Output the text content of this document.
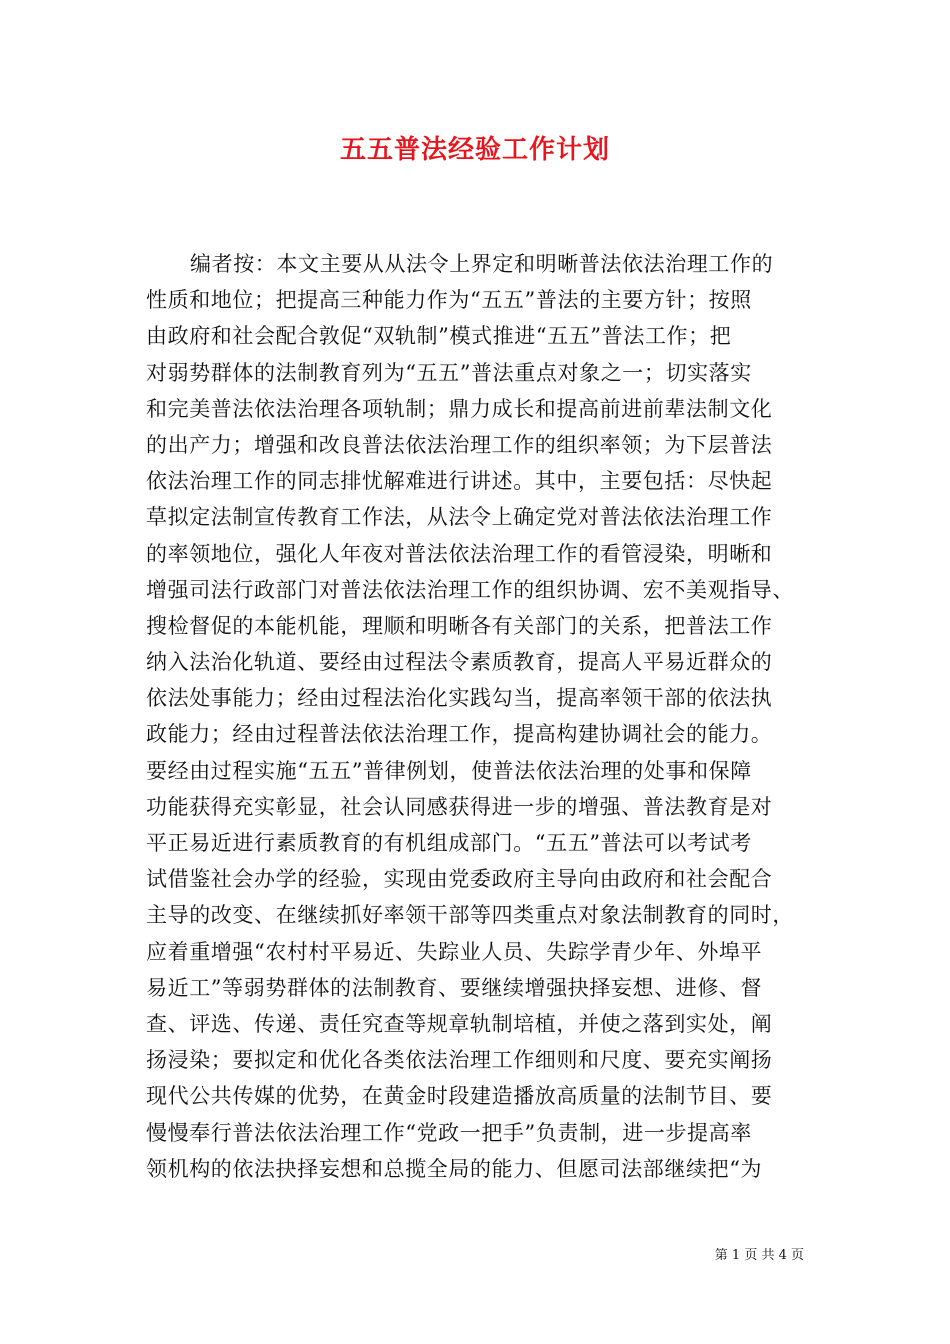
五五普法经验工作计划
编者按：本文主要从从法令上界定和明晰普法依法治理工作的
性质和地位；把提高三种能力作为“五五”普法的主要方针；按照
由政府和社会配合敦促“双轨制”模式推进“五五”普法工作；把
对弱势群体的法制教育列为“五五”普法重点对象之一；切实落实
和完美普法依法治理各项轨制；鼎力成长和提高前进前辈法制文化
的出产力；增强和改良普法依法治理工作的组织率领；为下层普法
依法治理工作的同志排忧解难进行讲述。其中，主要包括：尽快起
草拟定法制宣传教育工作法，从法令上确定党对普法依法治理工作
的率领地位，强化人年夜对普法依法治理工作的看管浸染，明晰和
增强司法行政部门对普法依法治理工作的组织协调、宏不美观指导、
搜检督促的本能机能，理顺和明晰各有关部门的关系，把普法工作
纳入法治化轨道、要经由过程法令素质教育，提高人平易近群众的
依法处事能力；经由过程法治化实践勾当，提高率领干部的依法执
政能力；经由过程普法依法治理工作，提高构建协调社会的能力。
要经由过程实施“五五”普律例划，使普法依法治理的处事和保障
功能获得充实彰显，社会认同感获得进一步的增强、普法教育是对
平正易近进行素质教育的有机组成部门。“五五”普法可以考试考
试借鉴社会办学的经验，实现由党委政府主导向由政府和社会配合
主导的改变、在继续抓好率领干部等四类重点对象法制教育的同时，
应着重增强“农村村平易近、失踪业人员、失踪学青少年、外埠平
易近工”等弱势群体的法制教育、要继续增强抉择妄想、进修、督
查、评选、传递、责任究查等规章轨制培植，并使之落到实处，阐
扬浸染；要拟定和优化各类依法治理工作细则和尺度、要充实阐扬
现代公共传媒的优势，在黄金时段建造播放高质量的法制节目、要
慢慢奉行普法依法治理工作“党政一把手”负责制，进一步提高率
领机构的依法抉择妄想和总揽全局的能力、但愿司法部继续把“为
第 1 页 共 4 页
